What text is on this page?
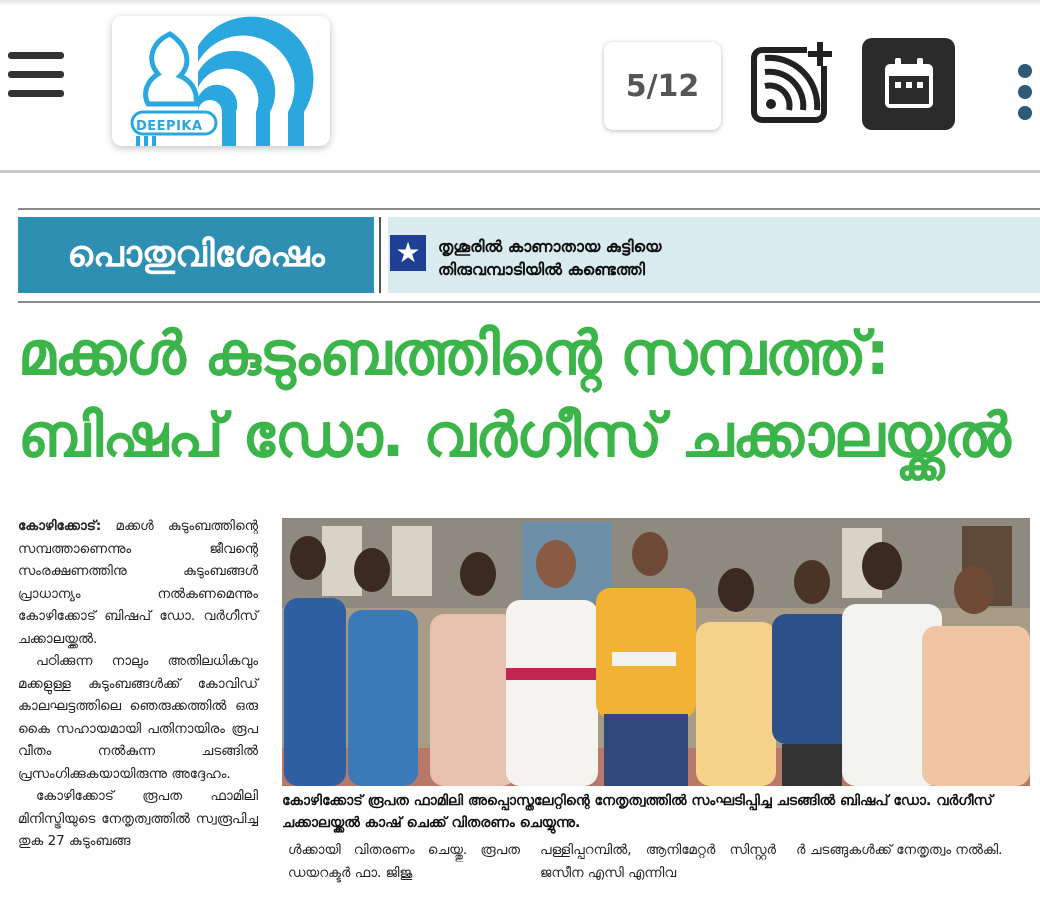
DEEPIKA
5/12
പൊതുവിശേഷം	★	തൃശൂരിൽ കാണാതായ കുട്ടിയെ
തിരുവമ്പാടിയിൽ കണ്ടെത്തി
മക്കൾ കുടുംബത്തിന്റെ സമ്പത്ത്:
ബിഷപ് ഡോ. വർഗീസ് ചക്കാലയ്ക്കൽ
കോഴിക്കോട്: മക്കൾ കുടുംബത്തിന്റെ സമ്പത്താണെന്നും ജീവന്റെ സംരക്ഷണത്തിനു കുടുംബങ്ങൾ പ്രാധാന്യം നൽകണമെന്നും കോഴിക്കോട് ബിഷപ് ഡോ. വർഗീസ് ചക്കാലയ്ക്കൽ.
പഠിക്കുന്ന നാലും അതിലധികവും മക്കളുള്ള കുടുംബങ്ങൾക്ക് കോവിഡ് കാലഘട്ടത്തിലെ ഞെരുക്കത്തിൽ ഒരു കൈ സഹായമായി പതിനായിരം രൂപ വീതം നൽകുന്ന ചടങ്ങിൽ പ്രസംഗിക്കുകയായിരുന്നു അദ്ദേഹം.
കോഴിക്കോട് രൂപത ഫാമിലി മിനിസ്ട്രിയുടെ നേതൃത്വത്തിൽ സ്വരൂപിച്ച തുക 27 കുടുംബങ്ങ
കോഴിക്കോട് രൂപത ഫാമിലി അപ്പൊസ്തലേറ്റിന്റെ നേതൃത്വത്തിൽ സംഘടിപ്പിച്ച ചടങ്ങിൽ ബിഷപ് ഡോ. വർഗീസ് ചക്കാലയ്ക്കൽ കാഷ് ചെക്ക് വിതരണം ചെയ്യുന്നു.
ൾക്കായി വിതരണം ചെയ്തു. രൂപത ഡയറക്ടർ ഫാ. ജിജു
പള്ളിപ്പറമ്പിൽ, ആനിമേറ്റർ സിസ്റ്റർ ജസീന എസി എന്നിവ
ർ ചടങ്ങുകൾക്ക് നേതൃത്വം നൽകി.
